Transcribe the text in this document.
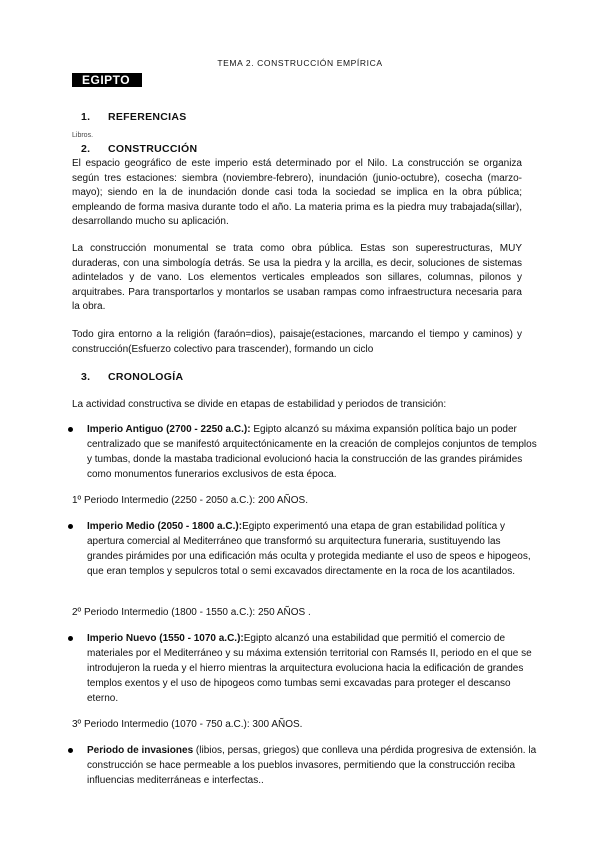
TEMA 2. CONSTRUCCIÓN EMPÍRICA
EGIPTO
1. REFERENCIAS
Libros.
2. CONSTRUCCIÓN

El espacio geográfico de este imperio está determinado por el Nilo. La construcción se organiza según tres estaciones: siembra (noviembre-febrero), inundación (junio-octubre), cosecha (marzo-mayo); siendo en la de inundación donde casi toda la sociedad se implica en la obra pública; empleando de forma masiva durante todo el año. La materia prima es la piedra muy trabajada(sillar), desarrollando mucho su aplicación.

La construcción monumental se trata como obra pública. Estas son superestructuras, MUY duraderas, con una simbología detrás. Se usa la piedra y la arcilla, es decir, soluciones de sistemas adintelados y de vano. Los elementos verticales empleados son sillares, columnas, pilonos y arquitrabes. Para transportarlos y montarlos se usaban rampas como infraestructura necesaria para la obra.

Todo gira entorno a la religión (faraón=dios), paisaje(estaciones, marcando el tiempo y caminos) y construcción(Esfuerzo colectivo para trascender), formando un ciclo

3. CRONOLOGÍA

La actividad constructiva se divide en etapas de estabilidad y periodos de transición:

Imperio Antiguo (2700 - 2250 a.C.): Egipto alcanzó su máxima expansión política bajo un poder centralizado que se manifestó arquitectónicamente en la creación de complejos conjuntos de templos y tumbas, donde la mastaba tradicional evolucionó hacia la construcción de las grandes pirámides como monumentos funerarios exclusivos de esta época.

1º Periodo Intermedio (2250 - 2050 a.C.): 200 AÑOS.

Imperio Medio (2050 - 1800 a.C.):Egipto experimentó una etapa de gran estabilidad política y apertura comercial al Mediterráneo que transformó su arquitectura funeraria, sustituyendo las grandes pirámides por una edificación más oculta y protegida mediante el uso de speos e hipogeos, que eran templos y sepulcros total o semi excavados directamente en la roca de los acantilados.

2º Periodo Intermedio (1800 - 1550 a.C.): 250 AÑOS .

Imperio Nuevo (1550 - 1070 a.C.):Egipto alcanzó una estabilidad que permitió el comercio de materiales por el Mediterráneo y su máxima extensión territorial con Ramsés II, periodo en el que se introdujeron la rueda y el hierro mientras la arquitectura evoluciona hacia la edificación de grandes templos exentos y el uso de hipogeos como tumbas semi excavadas para proteger el descanso eterno.

3º Periodo Intermedio (1070 - 750 a.C.): 300 AÑOS.

Periodo de invasiones (libios, persas, griegos) que conlleva una pérdida progresiva de extensión. la construcción se hace permeable a los pueblos invasores, permitiendo que la construcción reciba influencias mediterráneas e interfectas..
